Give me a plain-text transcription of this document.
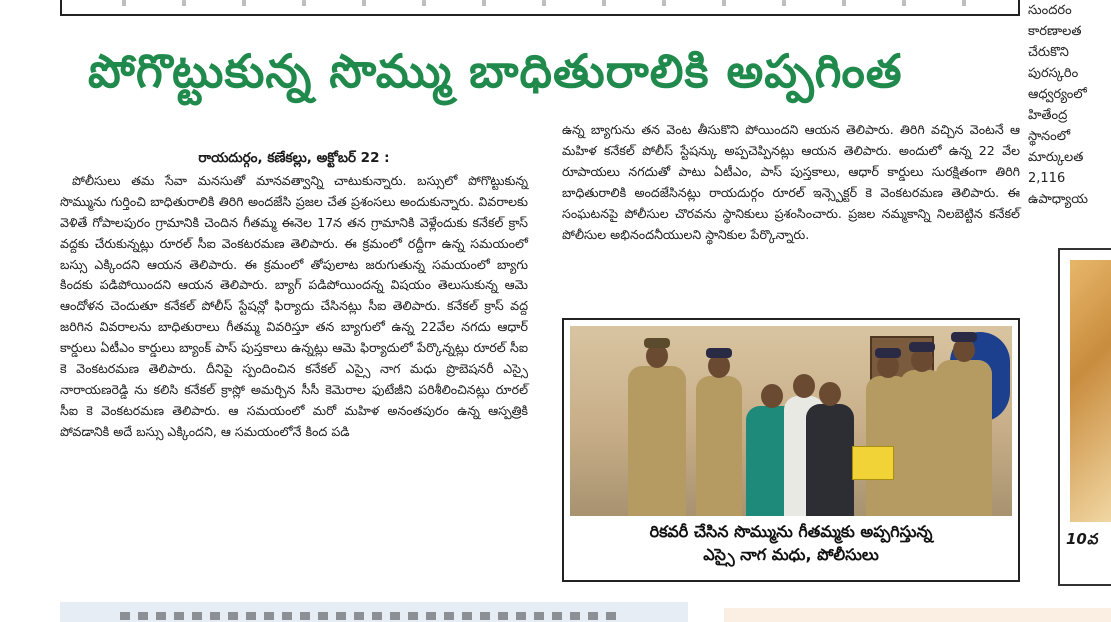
సుందరం
కారణాలత
చేరుకొని
పురస్కరిం
ఆధ్వర్యంలో
హితేంద్ర
స్థానంలో
మార్కులత
2,116
ఉపాధ్యాయ
10వ
పోగొట్టుకున్న సొమ్ము బాధితురాలికి అప్పగింత
రాయదుర్గం, కణేకల్లు, అక్టోబర్ 22 :
పోలీసులు తమ సేవా మనసుతో మానవత్వాన్ని చాటుకున్నారు. బస్సులో పోగొట్టుకున్న సొమ్మును గుర్తించి బాధితురాలికి తిరిగి అందజేసి ప్రజల చేత ప్రశంసలు అందుకున్నారు. వివరాలకు వెళితే గోపాలపురం గ్రామానికి చెందిన గీతమ్మ ఈనెల 17న తన గ్రామానికి వెళ్లేందుకు కనేకల్ క్రాస్ వద్దకు చేరుకున్నట్లు రూరల్ సీఐ వెంకటరమణ తెలిపారు. ఈ క్రమంలో రద్దీగా ఉన్న సమయంలో బస్సు ఎక్కిందని ఆయన తెలిపారు. ఈ క్రమంలో తోపులాట జరుగుతున్న సమయంలో బ్యాగు కిందకు పడిపోయిందని ఆయన తెలిపారు. బ్యాగ్ పడిపోయిందన్న విషయం తెలుసుకున్న ఆమె ఆందోళన చెందుతూ కనేకల్ పోలీస్ స్టేషన్లో ఫిర్యాదు చేసినట్లు సీఐ తెలిపారు. కనేకల్ క్రాస్ వద్ద జరిగిన వివరాలను బాధితురాలు గీతమ్మ వివరిస్తూ తన బ్యాగులో ఉన్న 22వేల నగదు ఆధార్ కార్డులు ఏటీఎం కార్డులు బ్యాంక్ పాస్ పుస్తకాలు ఉన్నట్లు ఆమె ఫిర్యాదులో పేర్కొన్నట్లు రూరల్ సీఐ కె వెంకటరమణ తెలిపారు. దీనిపై స్పందించిన కనేకల్ ఎస్సై నాగ మధు ప్రొబెషనరీ ఎస్సై నారాయణరెడ్డి ను కలిసి కనేకల్ క్రాస్లో అమర్చిన సీసీ కెమెరాల ఫుటేజీని పరిశీలించినట్లు రూరల్ సీఐ కె వెంకటరమణ తెలిపారు. ఆ సమయంలో మరో మహిళ అనంతపురం ఉన్న ఆస్పత్రికి పోవడానికి అదే బస్సు ఎక్కిందని, ఆ సమయంలోనే కింద పడి
ఉన్న బ్యాగును తన వెంట తీసుకొని పోయిందని ఆయన తెలిపారు. తిరిగి వచ్చిన వెంటనే ఆ మహిళ కనేకల్ పోలీస్ స్టేషన్కు అప్పచెప్పినట్లు ఆయన తెలిపారు. అందులో ఉన్న 22 వేల రూపాయలు నగదుతో పాటు ఏటీఎం, పాస్ పుస్తకాలు, ఆధార్ కార్డులు సురక్షితంగా తిరిగి బాధితురాలికి అందజేసినట్లు రాయదుర్గం రూరల్ ఇన్స్పెక్టర్ కె వెంకటరమణ తెలిపారు. ఈ సంఘటనపై పోలీసుల చొరవను స్థానికులు ప్రశంసించారు. ప్రజల నమ్మకాన్ని నిలబెట్టిన కనేకల్ పోలీసుల అభినందనీయులని స్థానికుల పేర్కొన్నారు.
రికవరీ చేసిన సొమ్మును గీతమ్మకు అప్పగిస్తున్న
ఎస్సై నాగ మధు, పోలీసులు
